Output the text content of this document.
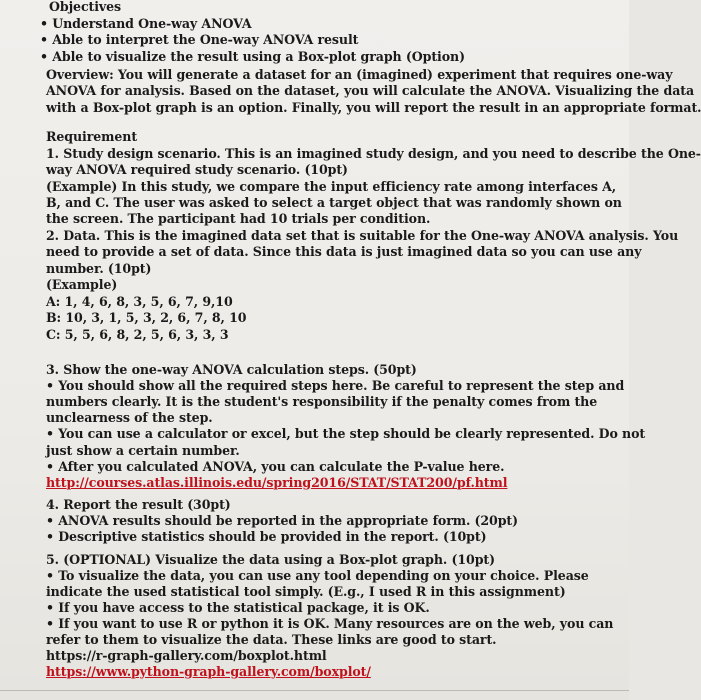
Objectives
• Understand One-way ANOVA
• Able to interpret the One-way ANOVA result
• Able to visualize the result using a Box-plot graph (Option)
Overview: You will generate a dataset for an (imagined) experiment that requires one-way
ANOVA for analysis. Based on the dataset, you will calculate the ANOVA. Visualizing the data
with a Box-plot graph is an option. Finally, you will report the result in an appropriate format.
Requirement
1. Study design scenario. This is an imagined study design, and you need to describe the One-
way ANOVA required study scenario. (10pt)
(Example) In this study, we compare the input efficiency rate among interfaces A,
B, and C. The user was asked to select a target object that was randomly shown on
the screen. The participant had 10 trials per condition.
2. Data. This is the imagined data set that is suitable for the One-way ANOVA analysis. You
need to provide a set of data. Since this data is just imagined data so you can use any
number. (10pt)
(Example)
A: 1, 4, 6, 8, 3, 5, 6, 7, 9,10
B: 10, 3, 1, 5, 3, 2, 6, 7, 8, 10
C: 5, 5, 6, 8, 2, 5, 6, 3, 3, 3
3. Show the one-way ANOVA calculation steps. (50pt)
• You should show all the required steps here. Be careful to represent the step and
numbers clearly. It is the student's responsibility if the penalty comes from the
unclearness of the step.
• You can use a calculator or excel, but the step should be clearly represented. Do not
just show a certain number.
• After you calculated ANOVA, you can calculate the P-value here.
http://courses.atlas.illinois.edu/spring2016/STAT/STAT200/pf.html
4. Report the result (30pt)
• ANOVA results should be reported in the appropriate form. (20pt)
• Descriptive statistics should be provided in the report. (10pt)
5. (OPTIONAL) Visualize the data using a Box-plot graph. (10pt)
• To visualize the data, you can use any tool depending on your choice. Please
indicate the used statistical tool simply. (E.g., I used R in this assignment)
• If you have access to the statistical package, it is OK.
• If you want to use R or python it is OK. Many resources are on the web, you can
refer to them to visualize the data. These links are good to start.
https://r-graph-gallery.com/boxplot.html
https://www.python-graph-gallery.com/boxplot/
